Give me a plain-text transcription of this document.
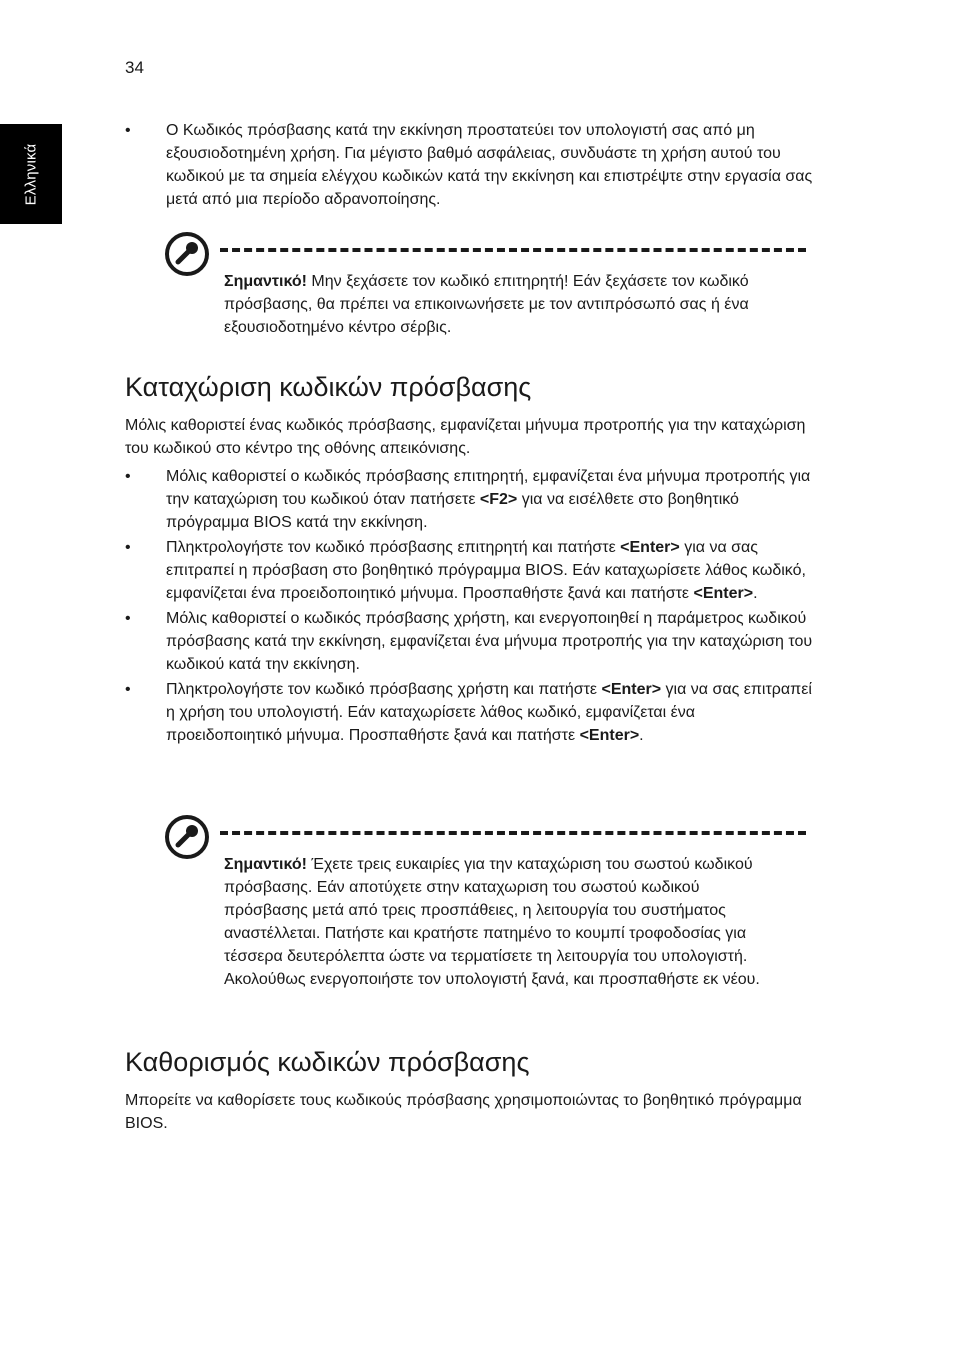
34
Ελληνικά
• Ο Κωδικός πρόσβασης κατά την εκκίνηση προστατεύει τον υπολογιστή σας από μη εξουσιοδοτημένη χρήση. Για μέγιστο βαθμό ασφάλειας, συνδυάστε τη χρήση αυτού του κωδικού με τα σημεία ελέγχου κωδικών κατά την εκκίνηση και επιστρέψτε στην εργασία σας μετά από μια περίοδο αδρανοποίησης.
Σημαντικό! Μην ξεχάσετε τον κωδικό επιτηρητή! Εάν ξεχάσετε τον κωδικό πρόσβασης, θα πρέπει να επικοινωνήσετε με τον αντιπρόσωπό σας ή ένα εξουσιοδοτημένο κέντρο σέρβις.
Καταχώριση κωδικών πρόσβασης

Μόλις καθοριστεί ένας κωδικός πρόσβασης, εμφανίζεται μήνυμα προτροπής για την καταχώριση του κωδικού στο κέντρο της οθόνης απεικόνισης.

• Μόλις καθοριστεί ο κωδικός πρόσβασης επιτηρητή, εμφανίζεται ένα μήνυμα προτροπής για την καταχώριση του κωδικού όταν πατήσετε <F2> για να εισέλθετε στο βοηθητικό πρόγραμμα BIOS κατά την εκκίνηση.
• Πληκτρολογήστε τον κωδικό πρόσβασης επιτηρητή και πατήστε <Enter> για να σας επιτραπεί η πρόσβαση στο βοηθητικό πρόγραμμα BIOS. Εάν καταχωρίσετε λάθος κωδικό, εμφανίζεται ένα προειδοποιητικό μήνυμα. Προσπαθήστε ξανά και πατήστε <Enter>.
• Μόλις καθοριστεί ο κωδικός πρόσβασης χρήστη, και ενεργοποιηθεί η παράμετρος κωδικού πρόσβασης κατά την εκκίνηση, εμφανίζεται ένα μήνυμα προτροπής για την καταχώριση του κωδικού κατά την εκκίνηση.
• Πληκτρολογήστε τον κωδικό πρόσβασης χρήστη και πατήστε <Enter> για να σας επιτραπεί η χρήση του υπολογιστή. Εάν καταχωρίσετε λάθος κωδικό, εμφανίζεται ένα προειδοποιητικό μήνυμα. Προσπαθήστε ξανά και πατήστε <Enter>.
Σημαντικό! Έχετε τρεις ευκαιρίες για την καταχώριση του σωστού κωδικού πρόσβασης. Εάν αποτύχετε στην καταχωριση του σωστού κωδικού πρόσβασης μετά από τρεις προσπάθειες, η λειτουργία του συστήματος αναστέλλεται. Πατήστε και κρατήστε πατημένο το κουμπί τροφοδοσίας για τέσσερα δευτερόλεπτα ώστε να τερματίσετε τη λειτουργία του υπολογιστή. Ακολούθως ενεργοποιήστε τον υπολογιστή ξανά, και προσπαθήστε εκ νέου.
Καθορισμός κωδικών πρόσβασης

Μπορείτε να καθορίσετε τους κωδικούς πρόσβασης χρησιμοποιώντας το βοηθητικό πρόγραμμα BIOS.
